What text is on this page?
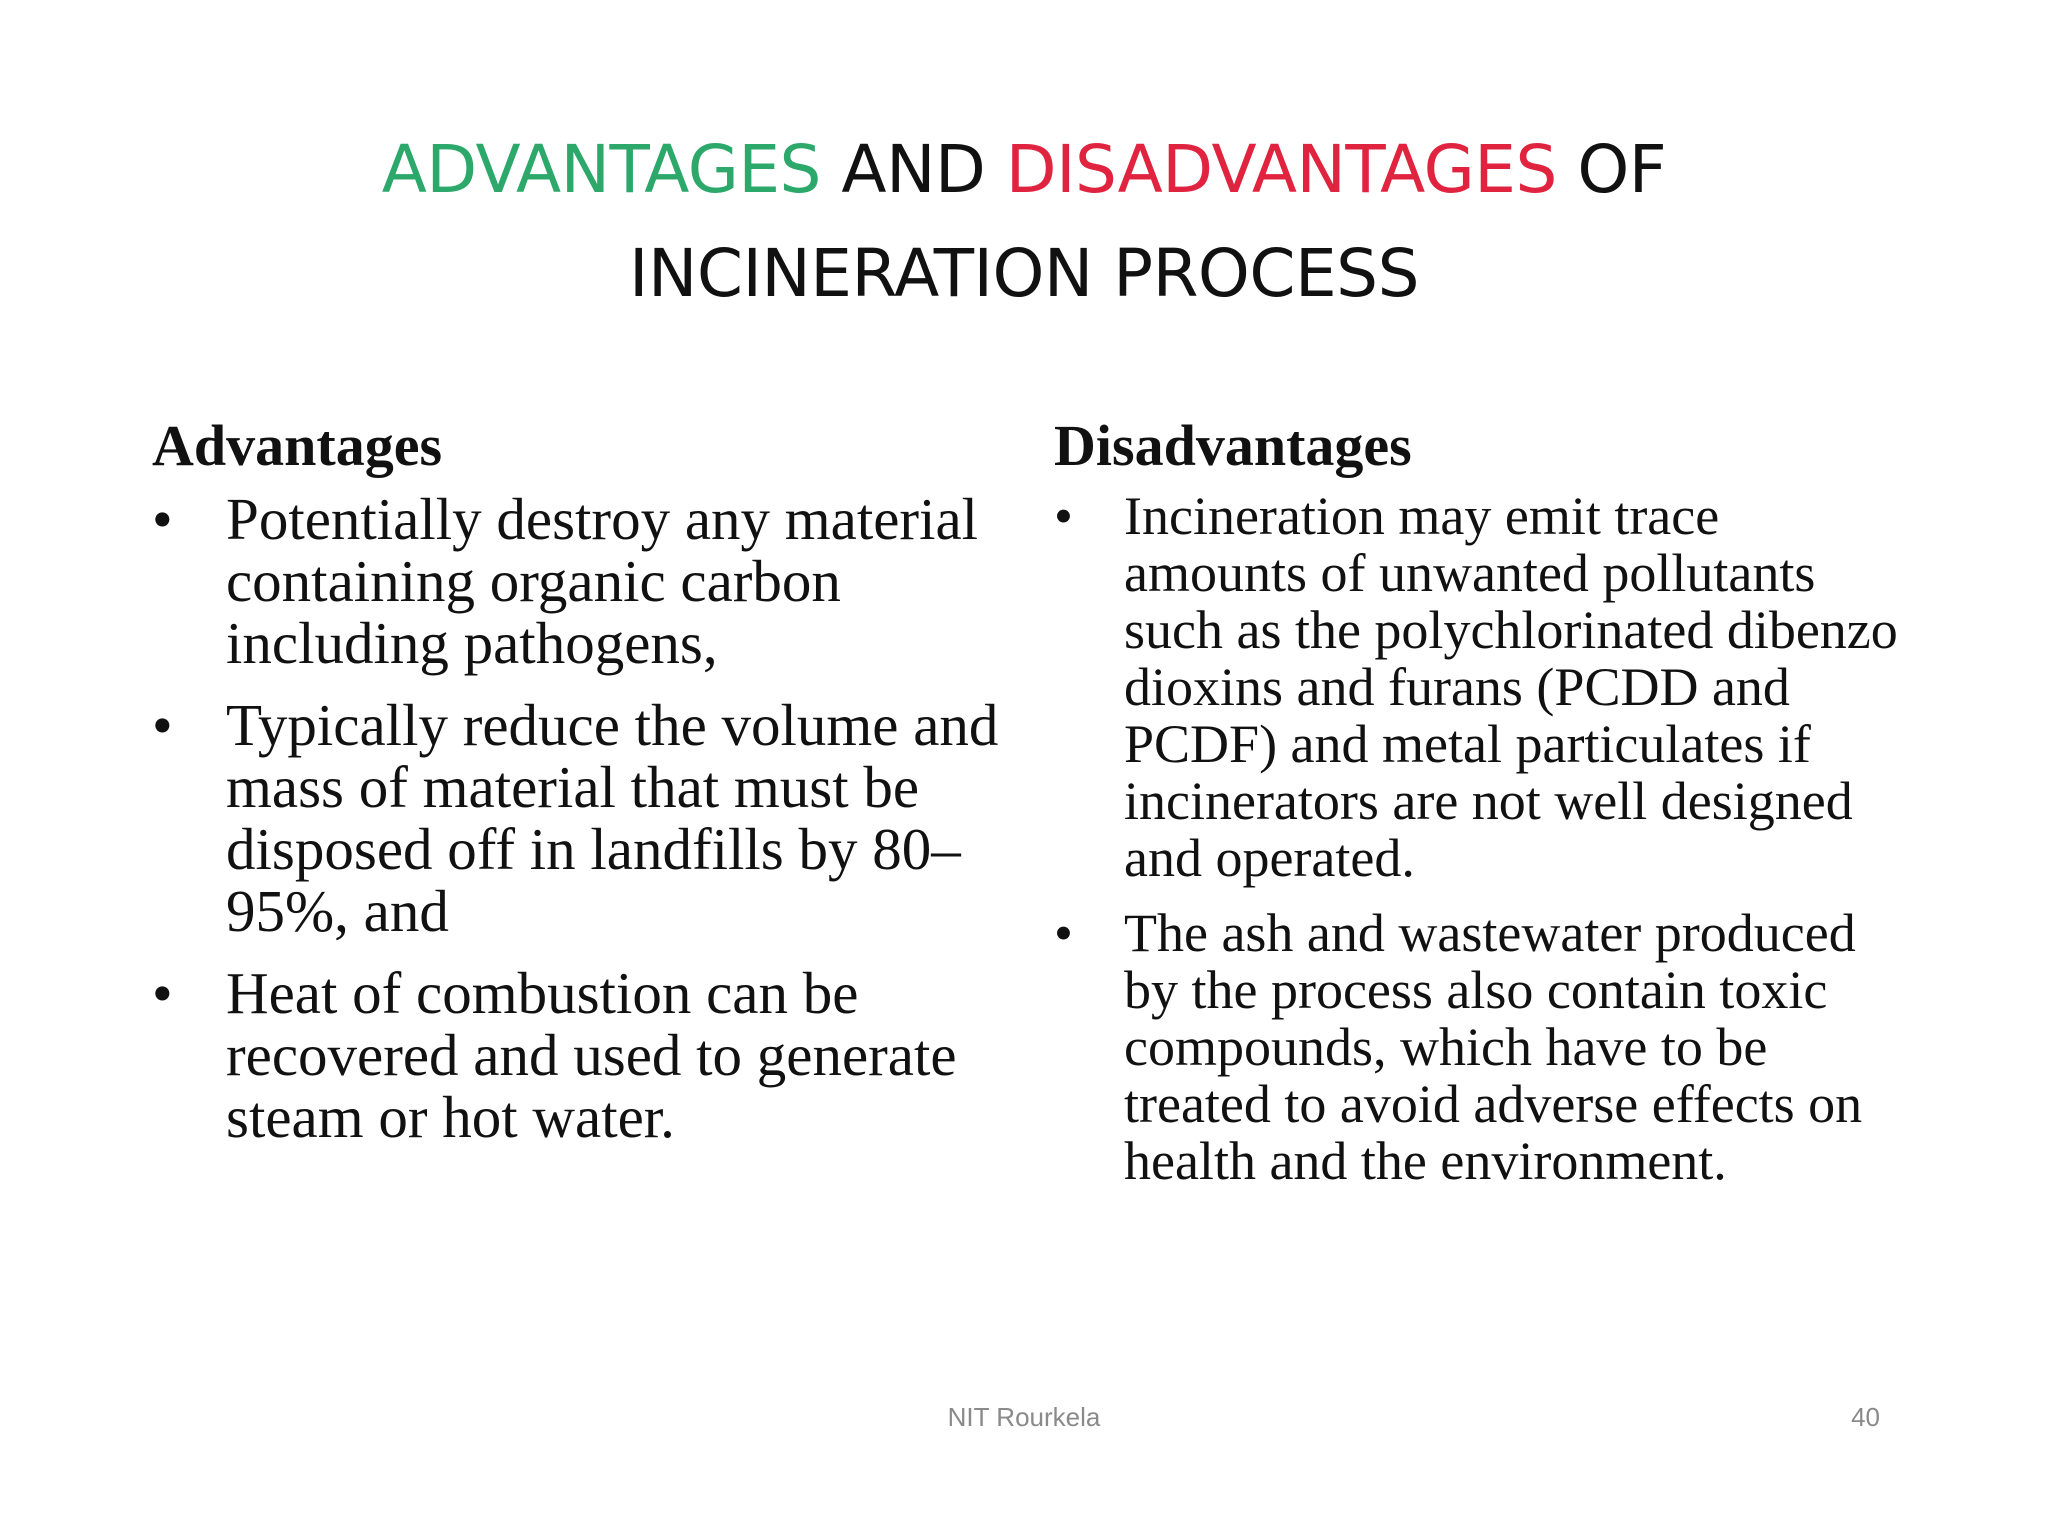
ADVANTAGES AND DISADVANTAGES OF
INCINERATION PROCESS
Advantages
• Potentially destroy any material containing organic carbon including pathogens,
• Typically reduce the volume and mass of material that must be disposed off in landfills by 80–95%, and
• Heat of combustion can be recovered and used to generate steam or hot water.
Disadvantages
• Incineration may emit trace amounts of unwanted pollutants such as the polychlorinated dibenzo dioxins and furans (PCDD and PCDF) and metal particulates if incinerators are not well designed and operated.
• The ash and wastewater produced by the process also contain toxic compounds, which have to be treated to avoid adverse effects on health and the environment.
NIT Rourkela	40
